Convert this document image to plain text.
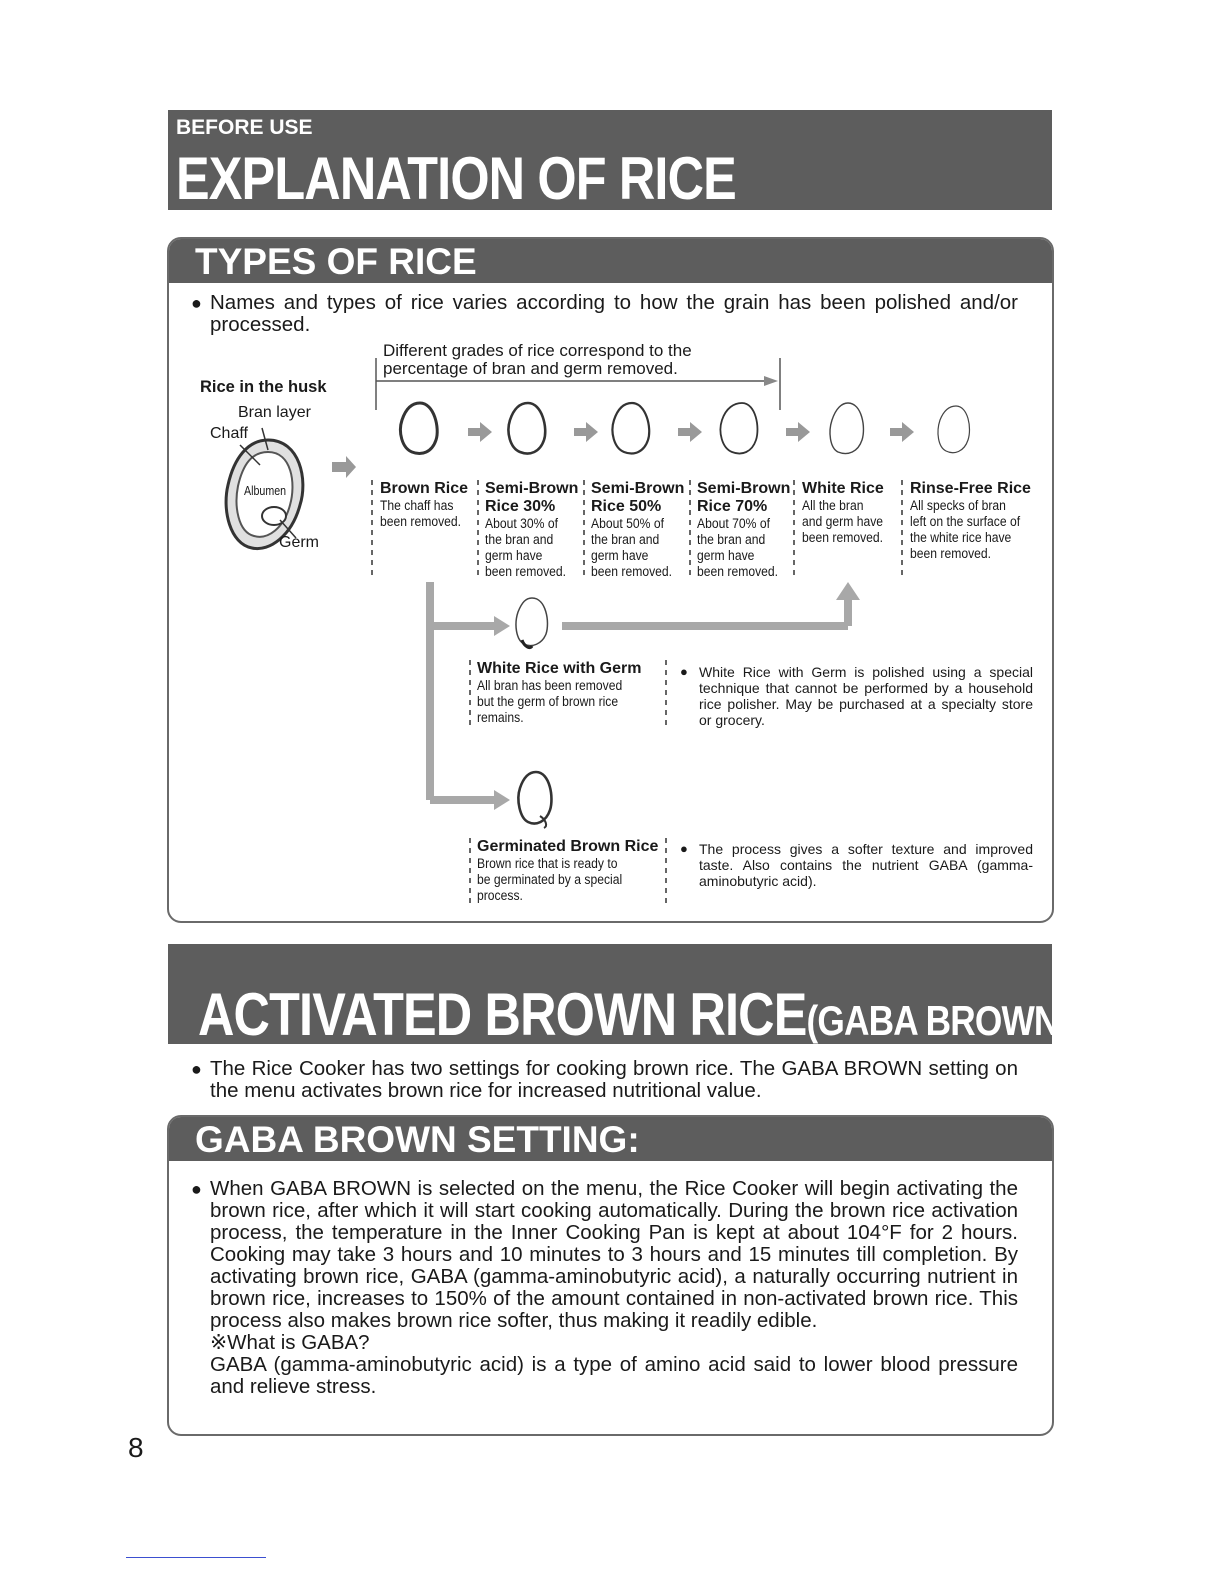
BEFORE USE
EXPLANATION OF RICE
TYPES OF RICE
● Names and types of rice varies according to how the grain has been polished and/or processed.
Different grades of rice correspond to the
percentage of bran and germ removed.
Rice in the husk
Bran layer
Chaff
Albumen
Germ
Brown Rice
The chaff has
been removed.
Semi-Brown
Rice 30%
About 30% of
the bran and
germ have
been removed.
Semi-Brown
Rice 50%
About 50% of
the bran and
germ have
been removed.
Semi-Brown
Rice 70%
About 70% of
the bran and
germ have
been removed.
White Rice
All the bran
and germ have
been removed.
Rinse-Free Rice
All specks of bran
left on the surface of
the white rice have
been removed.
White Rice with Germ
All bran has been removed
but the germ of brown rice
remains.
● White Rice with Germ is polished using a special technique that cannot be performed by a household rice polisher. May be purchased at a specialty store or grocery.
Germinated Brown Rice
Brown rice that is ready to
be germinated by a special
process.
● The process gives a softer texture and improved taste. Also contains the nutrient GABA (gamma-aminobutyric acid).
ACTIVATED BROWN RICE(GABA BROWN)
● The Rice Cooker has two settings for cooking brown rice. The GABA BROWN setting on the menu activates brown rice for increased nutritional value.
GABA BROWN SETTING:
● When GABA BROWN is selected on the menu, the Rice Cooker will begin activating the brown rice, after which it will start cooking automatically. During the brown rice activation process, the temperature in the Inner Cooking Pan is kept at about 104°F for 2 hours. Cooking may take 3 hours and 10 minutes to 3 hours and 15 minutes till completion. By activating brown rice, GABA (gamma-aminobutyric acid), a naturally occurring nutrient in brown rice, increases to 150% of the amount contained in non-activated brown rice. This process also makes brown rice softer, thus making it readily edible.
※What is GABA?
GABA (gamma-aminobutyric acid) is a type of amino acid said to lower blood pressure and relieve stress.
8
